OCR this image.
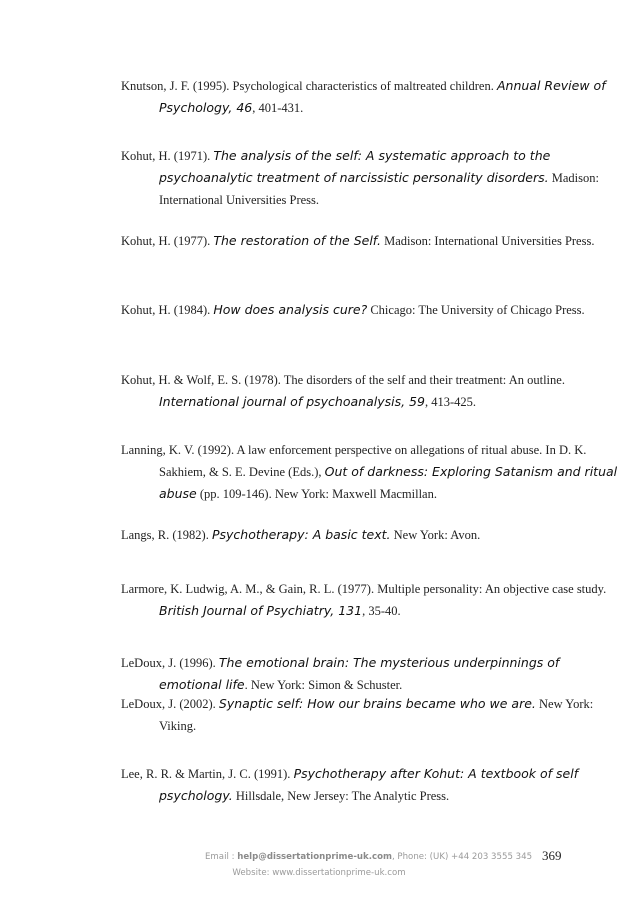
Knutson, J. F. (1995). Psychological characteristics of maltreated children. Annual Review of Psychology, 46, 401-431.

Kohut, H. (1971). The analysis of the self: A systematic approach to the psychoanalytic treatment of narcissistic personality disorders. Madison: International Universities Press.

Kohut, H. (1977). The restoration of the Self. Madison: International Universities Press.

Kohut, H. (1984). How does analysis cure? Chicago: The University of Chicago Press.

Kohut, H. & Wolf, E. S. (1978). The disorders of the self and their treatment: An outline. International journal of psychoanalysis, 59, 413-425.

Lanning, K. V. (1992). A law enforcement perspective on allegations of ritual abuse. In D. K. Sakhiem, & S. E. Devine (Eds.), Out of darkness: Exploring Satanism and ritual abuse (pp. 109-146). New York: Maxwell Macmillan.

Langs, R. (1982). Psychotherapy: A basic text. New York: Avon.

Larmore, K. Ludwig, A. M., & Gain, R. L. (1977). Multiple personality: An objective case study. British Journal of Psychiatry, 131, 35-40.

LeDoux, J. (1996). The emotional brain: The mysterious underpinnings of emotional life. New York: Simon & Schuster.

LeDoux, J. (2002). Synaptic self: How our brains became who we are. New York: Viking.

Lee, R. R. & Martin, J. C. (1991). Psychotherapy after Kohut: A textbook of self psychology. Hillsdale, New Jersey: The Analytic Press.

Email : help@dissertationprime-uk.com, Phone: (UK) +44 203 3555 345
Website: www.dissertationprime-uk.com
369
